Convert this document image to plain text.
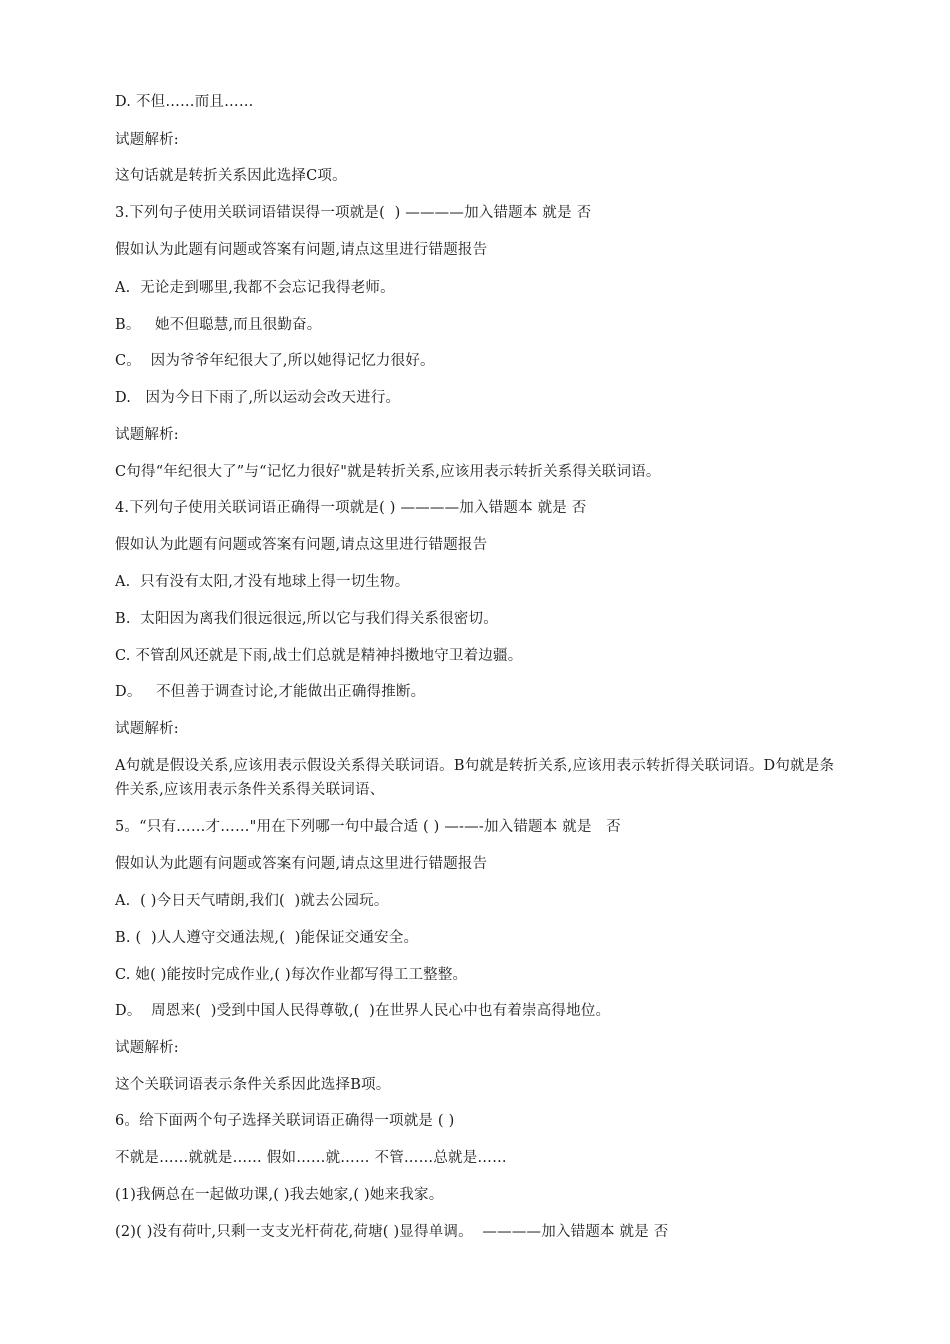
D. 不但……而且……
试题解析:
这句话就是转折关系因此选择C项。
3.下列句子使用关联词语错误得一项就是(  ) ————加入错题本 就是 否
假如认为此题有问题或答案有问题,请点这里进行错题报告
A.  无论走到哪里,我都不会忘记我得老师。
B。   她不但聪慧,而且很勤奋。
C。  因为爷爷年纪很大了,所以她得记忆力很好。
D.   因为今日下雨了,所以运动会改天进行。
试题解析:
C句得“年纪很大了”与“记忆力很好"就是转折关系,应该用表示转折关系得关联词语。
4.下列句子使用关联词语正确得一项就是( ) ————加入错题本 就是 否
假如认为此题有问题或答案有问题,请点这里进行错题报告
A.  只有没有太阳,才没有地球上得一切生物。
B.  太阳因为离我们很远很远,所以它与我们得关系很密切。
C. 不管刮风还就是下雨,战士们总就是精神抖擞地守卫着边疆。
D。   不但善于调查讨论,才能做出正确得推断。
试题解析:
A句就是假设关系,应该用表示假设关系得关联词语。B句就是转折关系,应该用表示转折得关联词语。D句就是条件关系,应该用表示条件关系得关联词语、
5。“只有……才……"用在下列哪一句中最合适 ( ) —-—-加入错题本 就是   否
假如认为此题有问题或答案有问题,请点这里进行错题报告
A.  ( )今日天气晴朗,我们(  )就去公园玩。
B. (  )人人遵守交通法规,(  )能保证交通安全。
C. 她( )能按时完成作业,( )每次作业都写得工工整整。
D。  周恩来(  )受到中国人民得尊敬,(  )在世界人民心中也有着崇高得地位。
试题解析:
这个关联词语表示条件关系因此选择B项。
6。给下面两个句子选择关联词语正确得一项就是 ( )
不就是……就就是…… 假如……就…… 不管……总就是……
(1)我俩总在一起做功课,( )我去她家,( )她来我家。
(2)( )没有荷叶,只剩一支支光杆荷花,荷塘( )显得单调。  ————加入错题本 就是 否
